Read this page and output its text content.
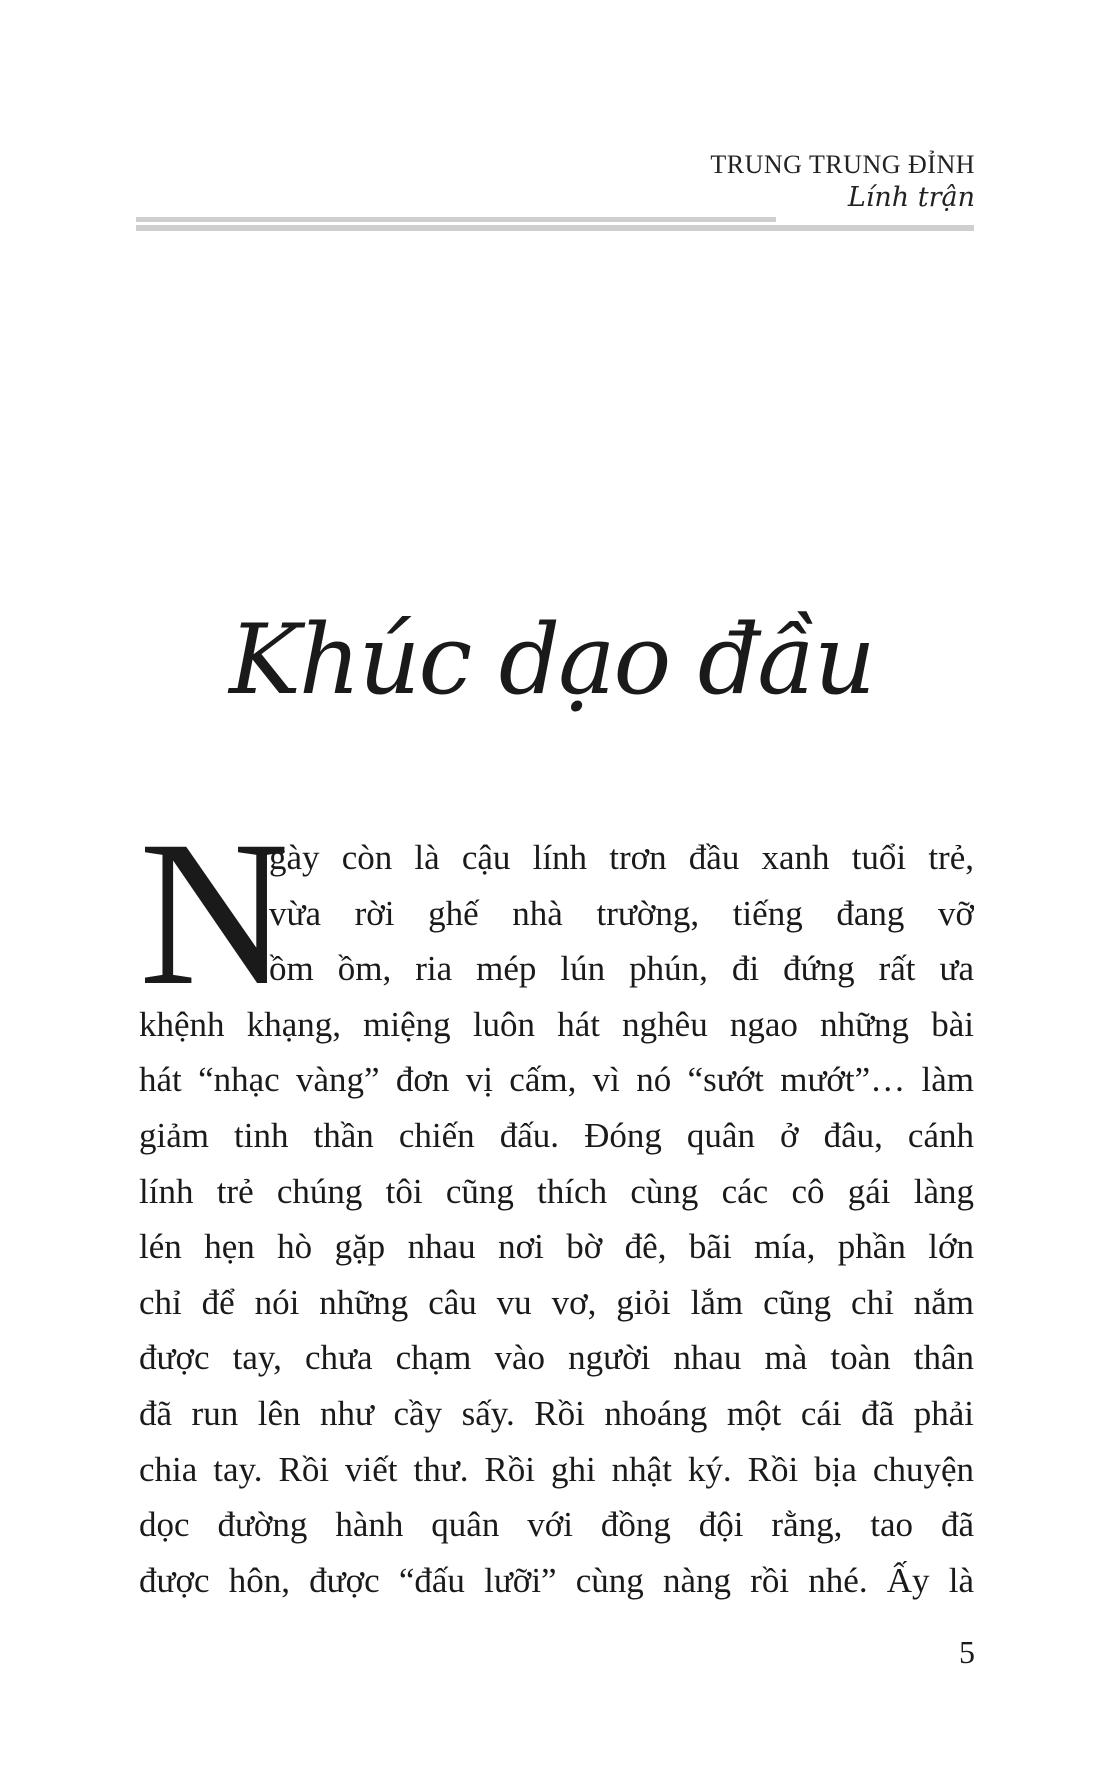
TRUNG TRUNG ĐỈNH
Lính trận
Khúc dạo đầu
N
gày còn là cậu lính trơn đầu xanh tuổi trẻ,
vừa rời ghế nhà trường, tiếng đang vỡ
ồm ồm, ria mép lún phún, đi đứng rất ưa
khệnh khạng, miệng luôn hát nghêu ngao những bài
hát “nhạc vàng” đơn vị cấm, vì nó “sướt mướt”… làm
giảm tinh thần chiến đấu. Đóng quân ở đâu, cánh
lính trẻ chúng tôi cũng thích cùng các cô gái làng
lén hẹn hò gặp nhau nơi bờ đê, bãi mía, phần lớn
chỉ để nói những câu vu vơ, giỏi lắm cũng chỉ nắm
được tay, chưa chạm vào người nhau mà toàn thân
đã run lên như cầy sấy. Rồi nhoáng một cái đã phải
chia tay. Rồi viết thư. Rồi ghi nhật ký. Rồi bịa chuyện
dọc đường hành quân với đồng đội rằng, tao đã
được hôn, được “đấu lưỡi” cùng nàng rồi nhé. Ấy là
5
